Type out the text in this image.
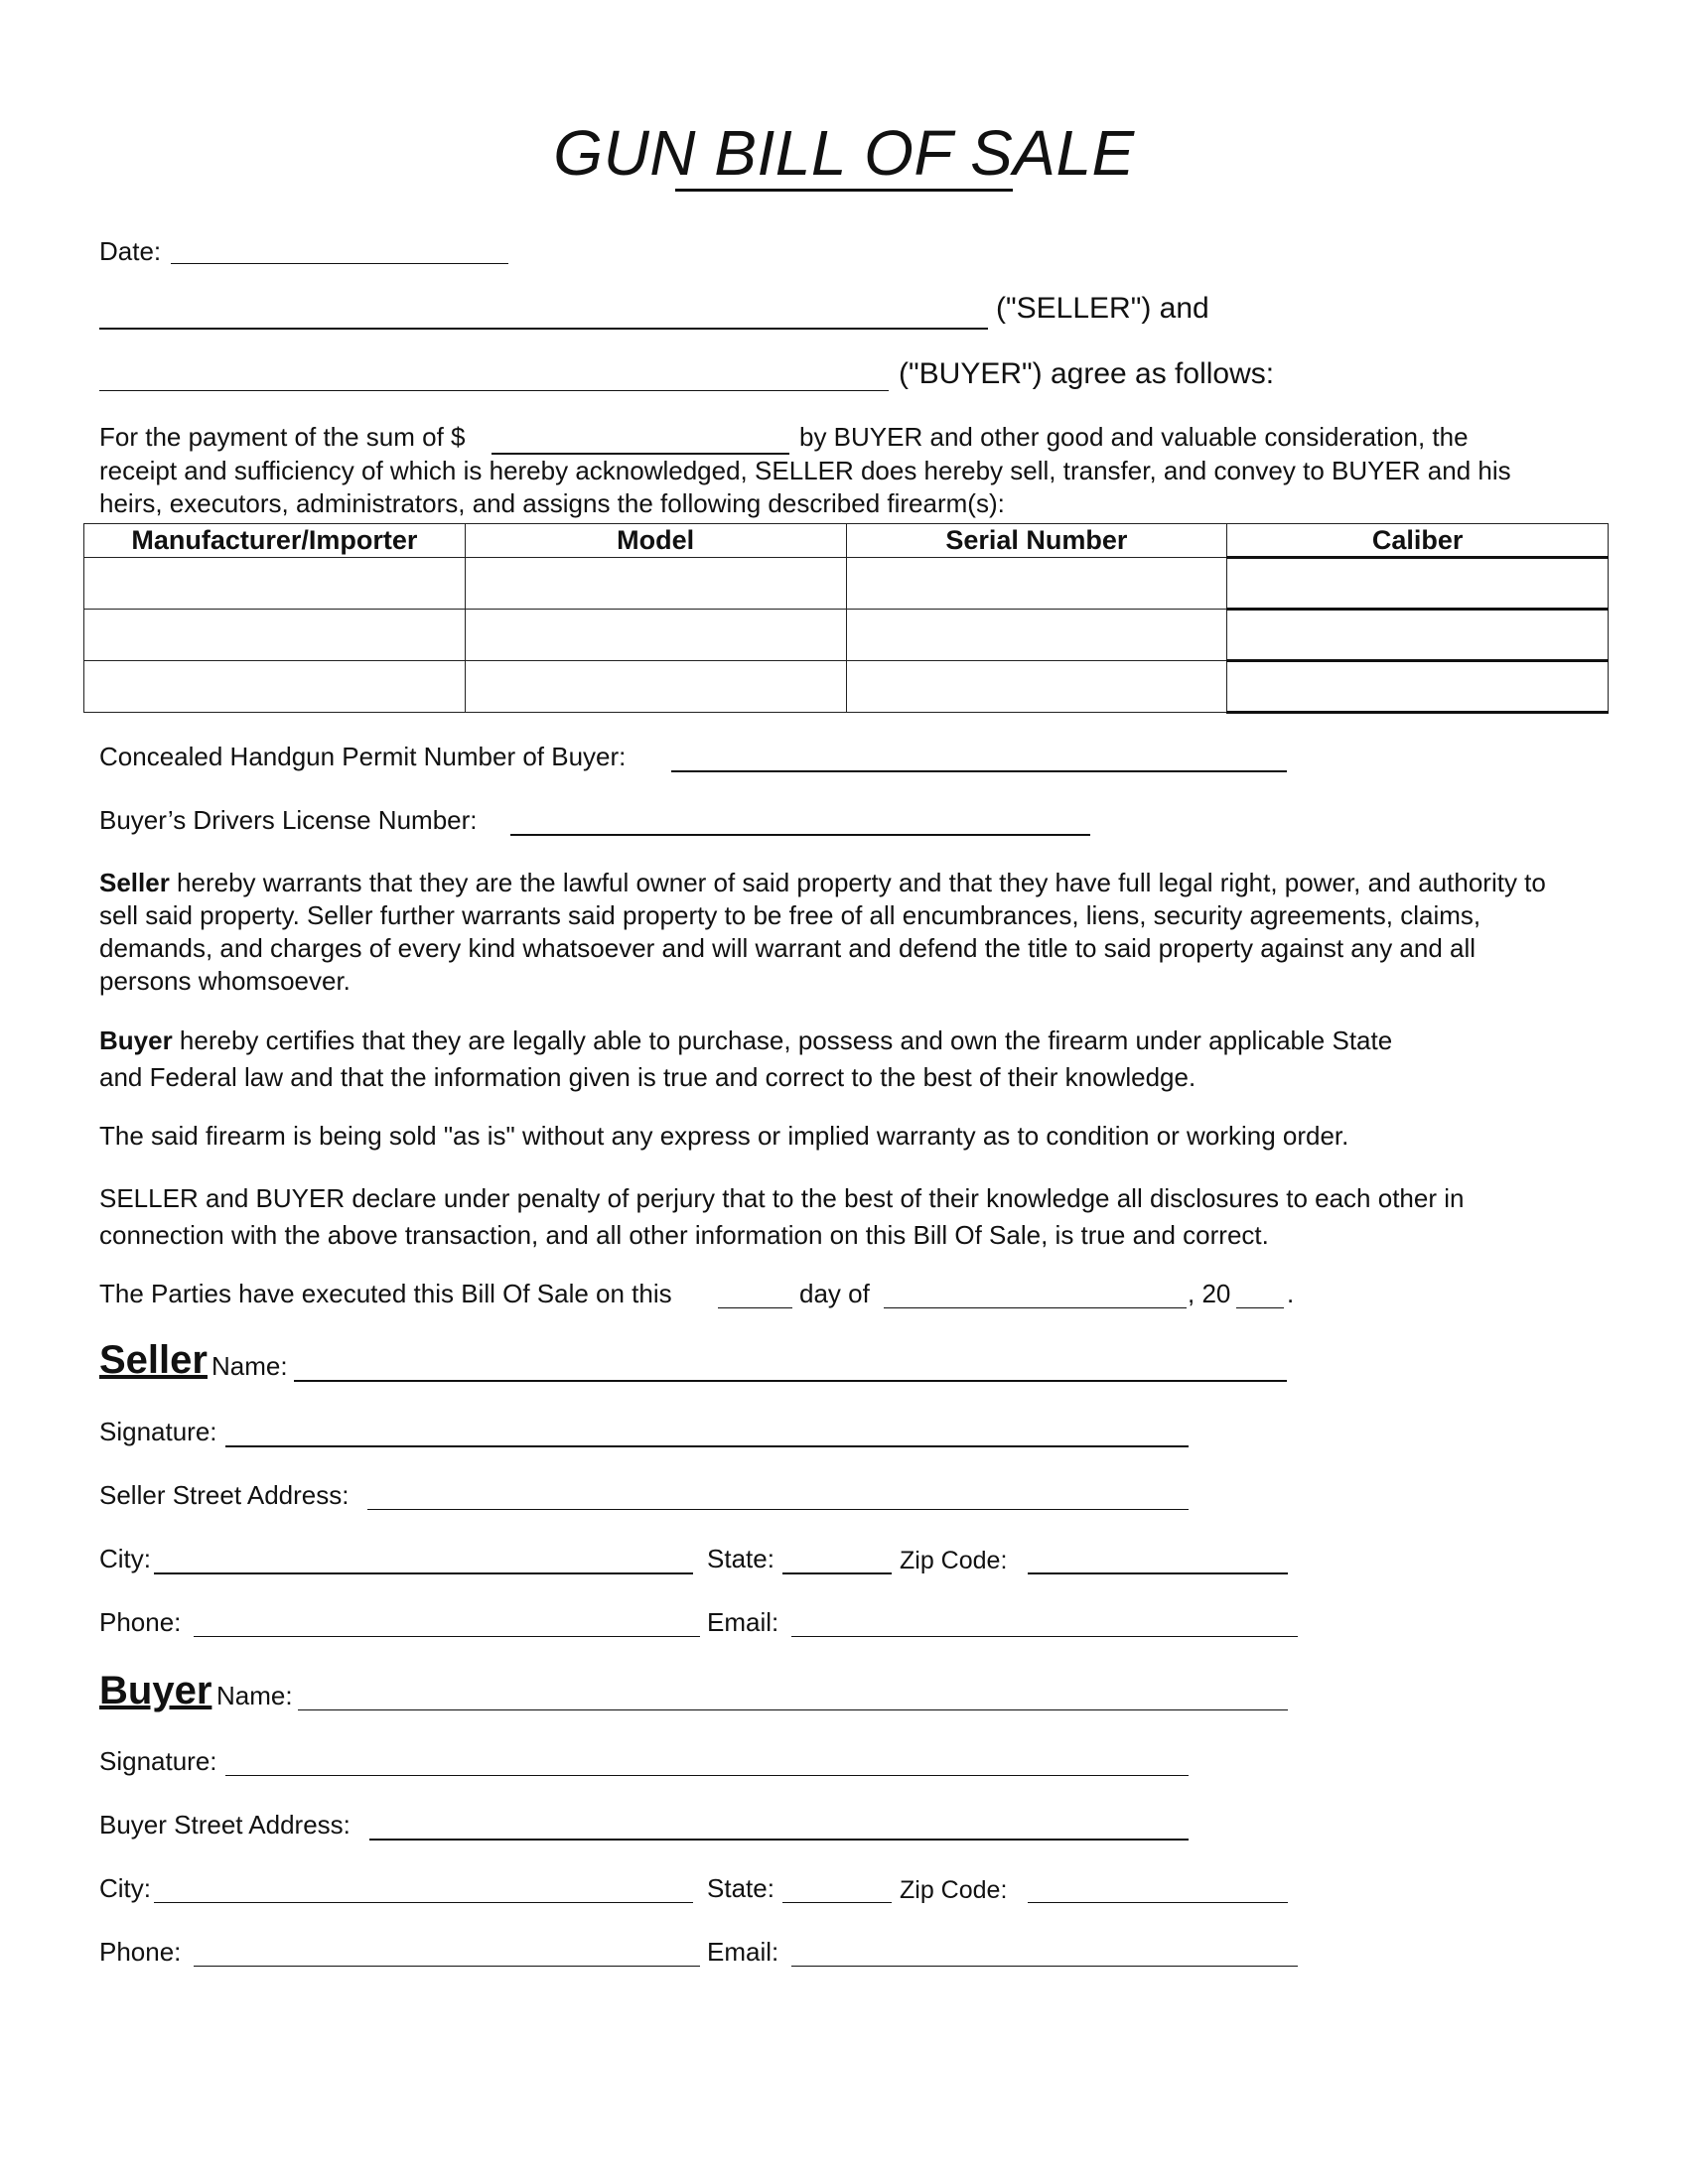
GUN BILL OF SALE
Date:
("SELLER") and
("BUYER") agree as follows:
For the payment of the sum of $	by BUYER and other good and valuable consideration, the
receipt and sufficiency of which is hereby acknowledged, SELLER does hereby sell, transfer, and convey to BUYER and his heirs, executors, administrators, and assigns the following described firearm(s):
Manufacturer/Importer	Model	Serial Number	Caliber

Concealed Handgun Permit Number of Buyer:
Buyer’s Drivers License Number:
Seller hereby warrants that they are the lawful owner of said property and that they have full legal right, power, and authority to sell said property. Seller further warrants said property to be free of all encumbrances, liens, security agreements, claims, demands, and charges of every kind whatsoever and will warrant and defend the title to said property against any and all persons whomsoever.
Buyer hereby certifies that they are legally able to purchase, possess and own the firearm under applicable State
and Federal law and that the information given is true and correct to the best of their knowledge.
The said firearm is being sold "as is" without any express or implied warranty as to condition or working order.
SELLER and BUYER declare under penalty of perjury that to the best of their knowledge all disclosures to each other in
connection with the above transaction, and all other information on this Bill Of Sale, is true and correct.
The Parties have executed this Bill Of Sale on this	day of	, 20 .
Seller Name:
Signature:
Seller Street Address:
City:	State:	Zip Code:
Phone:	Email:
Buyer Name:
Signature:
Buyer Street Address:
City:	State:	Zip Code:
Phone:	Email:
